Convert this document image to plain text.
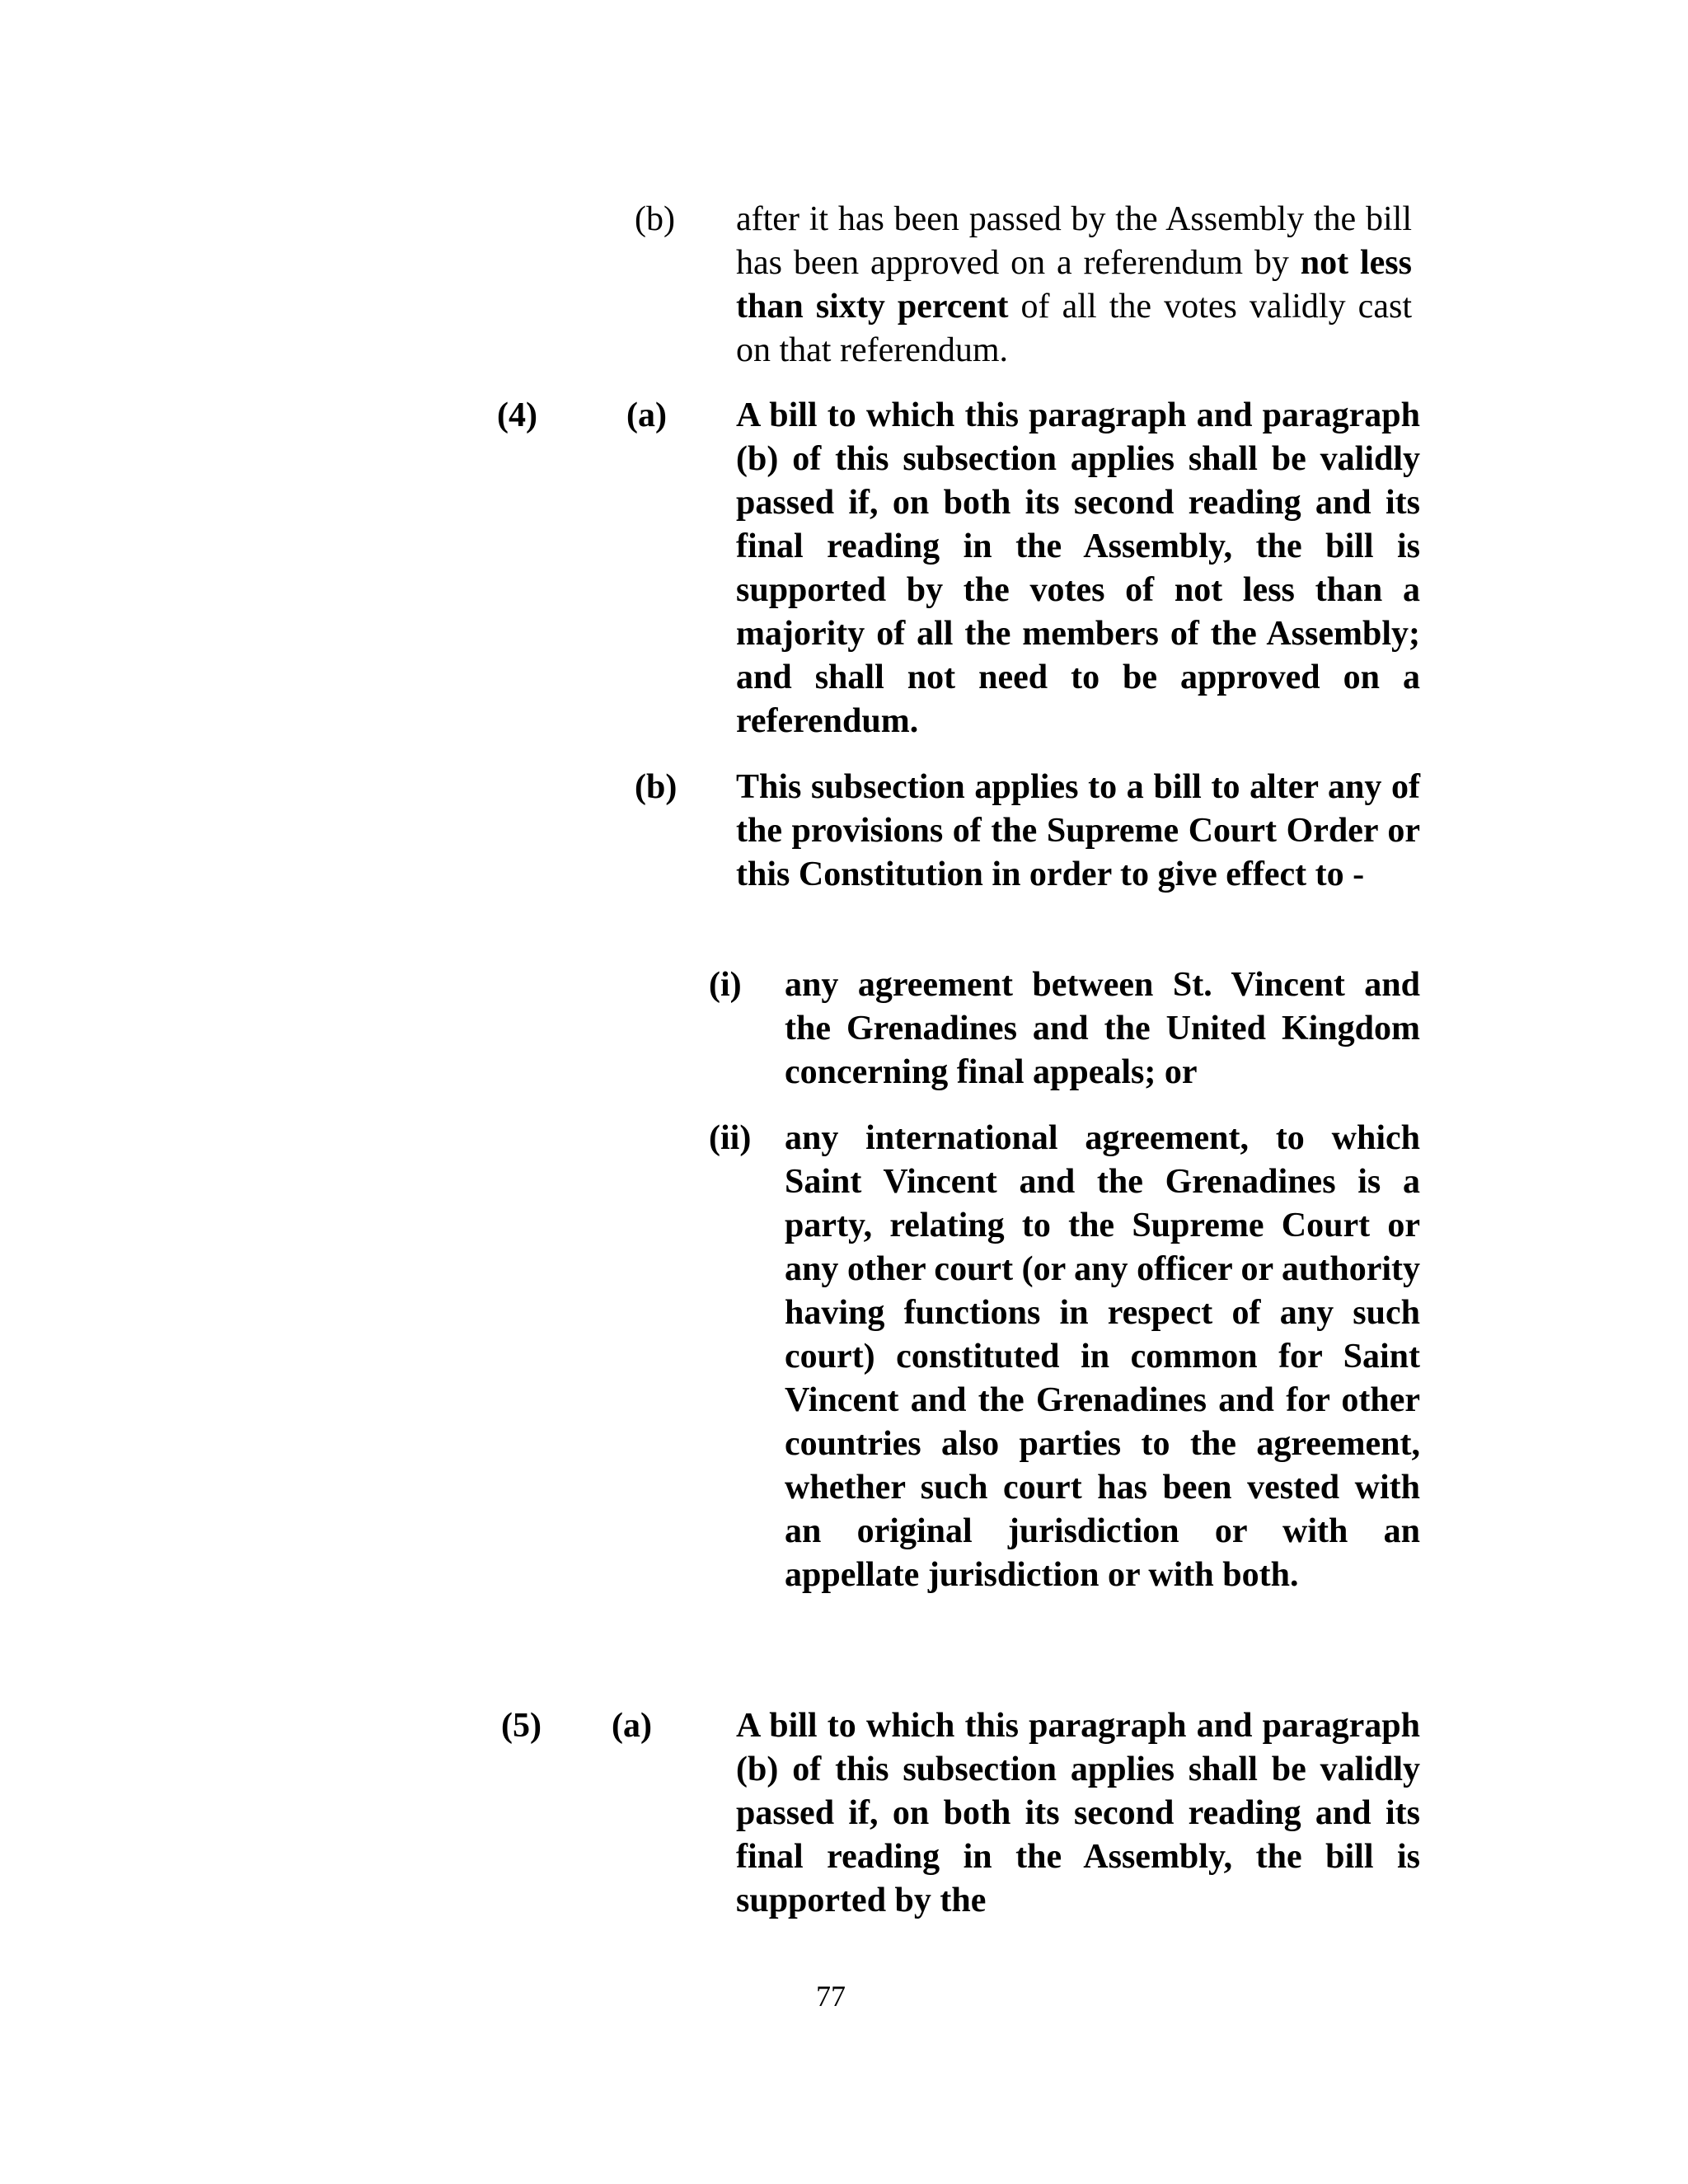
(b) after it has been passed by the Assembly the bill has been approved on a referendum by not less than sixty percent of all the votes validly cast on that referendum.

(4)	(a) A bill to which this paragraph and paragraph (b) of this subsection applies shall be validly passed if, on both its second reading and its final reading in the Assembly, the bill is supported by the votes of not less than a majority of all the members of the Assembly; and shall not need to be approved on a referendum.

(b) This subsection applies to a bill to alter any of the provisions of the Supreme Court Order or this Constitution in order to give effect to -

(i) any agreement between St. Vincent and the Grenadines and the United Kingdom concerning final appeals; or

(ii) any international agreement, to which Saint Vincent and the Grenadines is a party, relating to the Supreme Court or any other court (or any officer or authority having functions in respect of any such court) constituted in common for Saint Vincent and the Grenadines and for other countries also parties to the agreement, whether such court has been vested with an original jurisdiction or with an appellate jurisdiction or with both.

(5) (a) A bill to which this paragraph and paragraph (b) of this subsection applies shall be validly passed if, on both its second reading and its final reading in the Assembly, the bill is supported by the

77
